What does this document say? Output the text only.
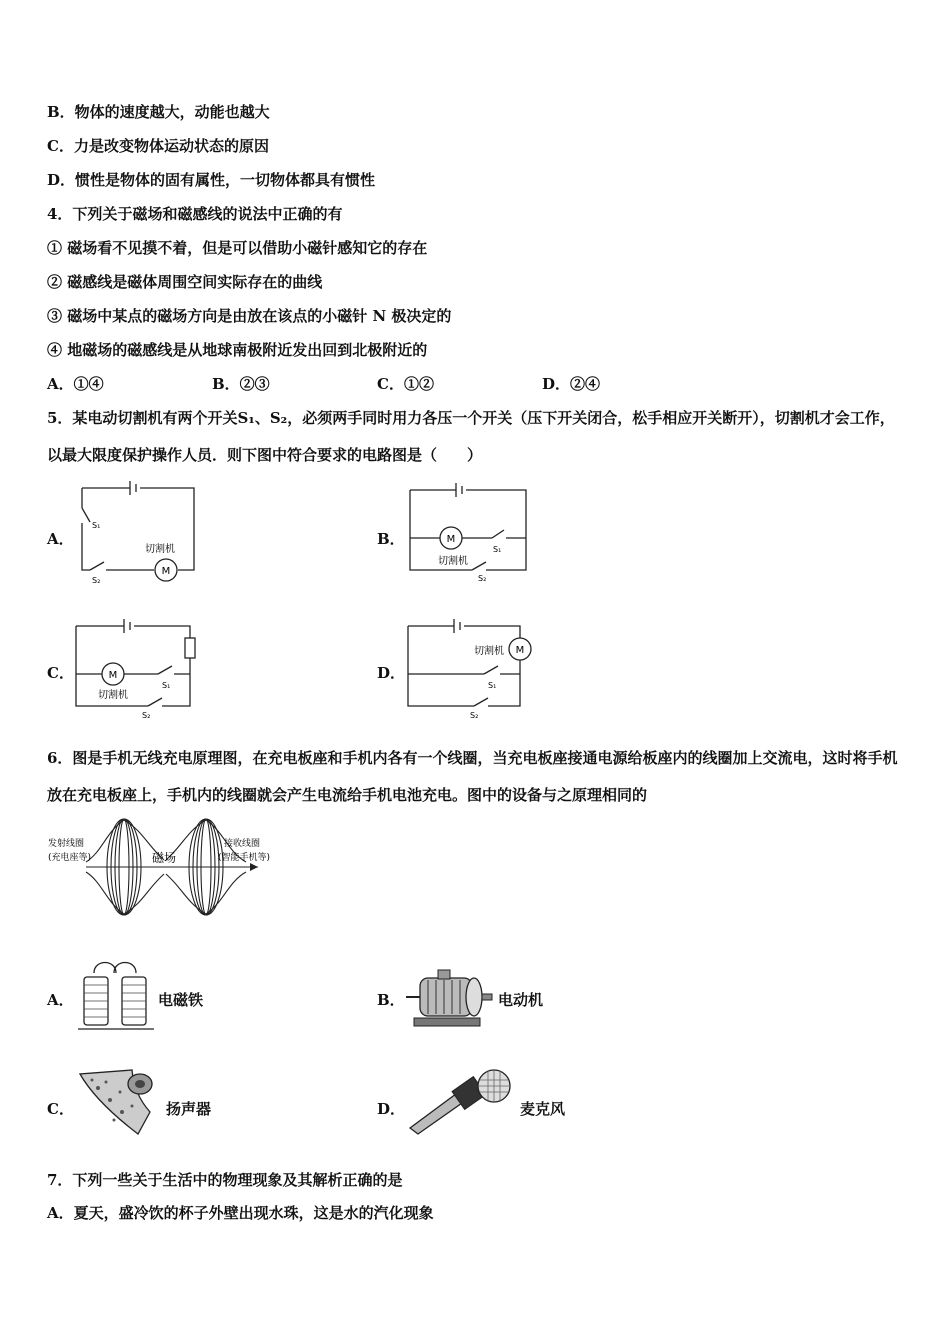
B．物体的速度越大，动能也越大
C．力是改变物体运动状态的原因
D．惯性是物体的固有属性，一切物体都具有惯性
4．下列关于磁场和磁感线的说法中正确的有
① 磁场看不见摸不着，但是可以借助小磁针感知它的存在
② 磁感线是磁体周围空间实际存在的曲线
③ 磁场中某点的磁场方向是由放在该点的小磁针 N 极决定的
④ 地磁场的磁感线是从地球南极附近发出回到北极附近的
A．①④	B．②③	C．①②	D．②④
5．某电动切割机有两个开关S₁、S₂，必须两手同时用力各压一个开关（压下开关闭合，松手相应开关断开），切割机才会工作，以最大限度保护操作人员．则下图中符合要求的电路图是（　　）
A．
M
切割机
S₁
S₂
B．	M
切割机
S₁
S₂
C．	M
切割机
S₁
S₂
D．
M
切割机
S₁
S₂
6．图是手机无线充电原理图，在充电板座和手机内各有一个线圈，当充电板座接通电源给板座内的线圈加上交流电，这时将手机放在充电板座上，手机内的线圈就会产生电流给手机电池充电。图中的设备与之原理相同的
发射线圈
(充电座等)
接收线圈
(智能手机等)
磁场
A．	电磁铁	B．	电动机
C．	扬声器	D．	麦克风
7．下列一些关于生活中的物理现象及其解析正确的是
A．夏天，盛冷饮的杯子外壁出现水珠，这是水的汽化现象
